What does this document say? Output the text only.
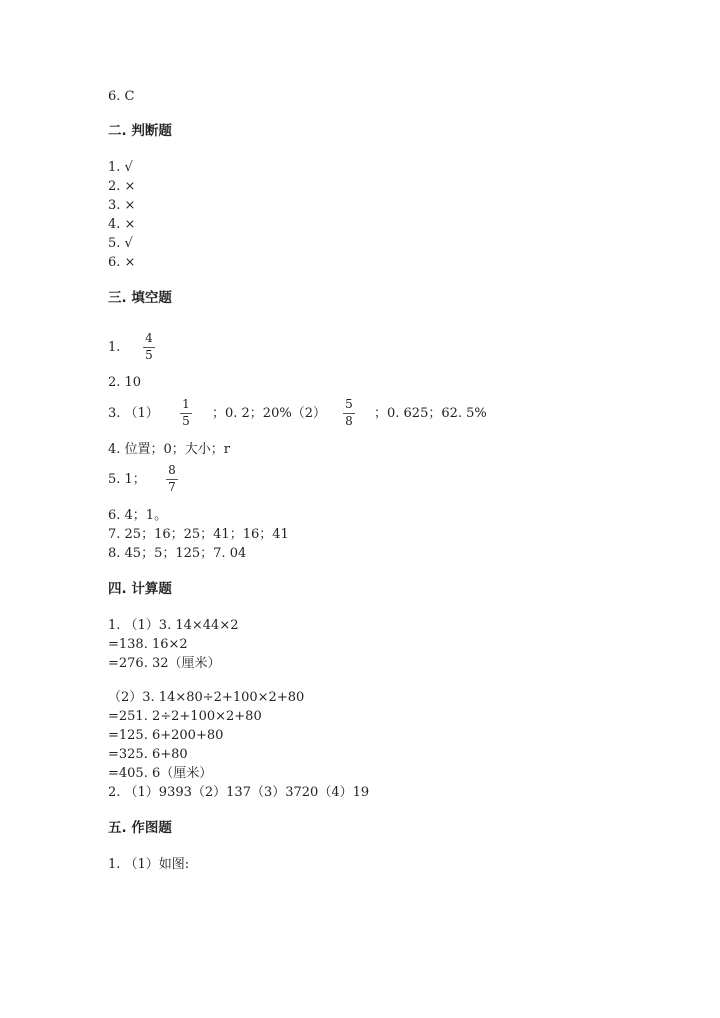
6. C
二. 判断题
1. √
2. ×
3. ×
4. ×
5. √
6. ×
三. 填空题
1.
4
5
2. 10
3. （1）
1
5 ；0. 2；20%（2）
5
8 ；0. 625；62. 5%
4. 位置；0；大小；r
5. 1；
8
7
6. 4；1。
7. 25；16；25；41；16；41
8. 45；5；125；7. 04
四. 计算题
1. （1）3. 14×44×2
=138. 16×2
=276. 32（厘米）
（2）3. 14×80÷2+100×2+80
=251. 2÷2+100×2+80
=125. 6+200+80
=325. 6+80
=405. 6（厘米）
2. （1）9393（2）137（3）3720（4）19
五. 作图题
1. （1）如图:
